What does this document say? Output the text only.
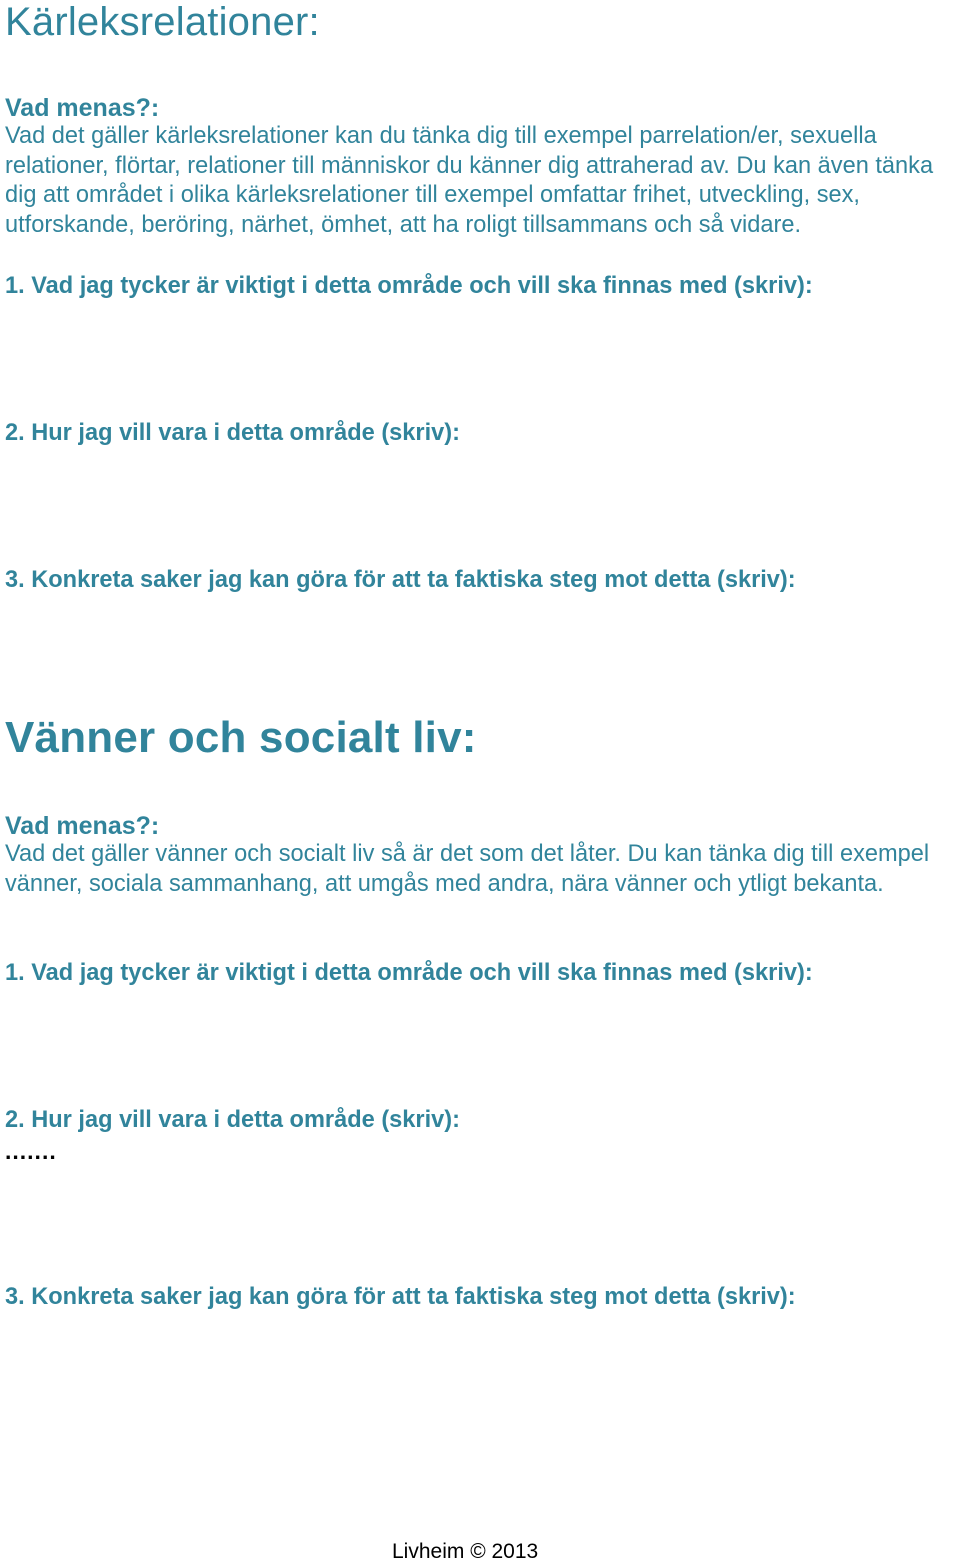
Kärleksrelationer:
Vad menas?:

Vad det gäller kärleksrelationer kan du tänka dig till exempel parrelation/er, sexuella relationer, flörtar, relationer till människor du känner dig attraherad av. Du kan även tänka dig att området i olika kärleksrelationer till exempel omfattar frihet, utveckling, sex, utforskande, beröring, närhet, ömhet, att ha roligt tillsammans och så vidare.

1. Vad jag tycker är viktigt i detta område och vill ska finnas med (skriv):
2. Hur jag vill vara i detta område (skriv):
3. Konkreta saker jag kan göra för att ta faktiska steg mot detta (skriv):
Vänner och socialt liv:
Vad menas?:

Vad det gäller vänner och socialt liv så är det som det låter. Du kan tänka dig till exempel vänner, sociala sammanhang, att umgås med andra, nära vänner och ytligt bekanta.

1. Vad jag tycker är viktigt i detta område och vill ska finnas med (skriv):
2. Hur jag vill vara i detta område (skriv):
.......
3. Konkreta saker jag kan göra för att ta faktiska steg mot detta (skriv):
Livheim © 2013
